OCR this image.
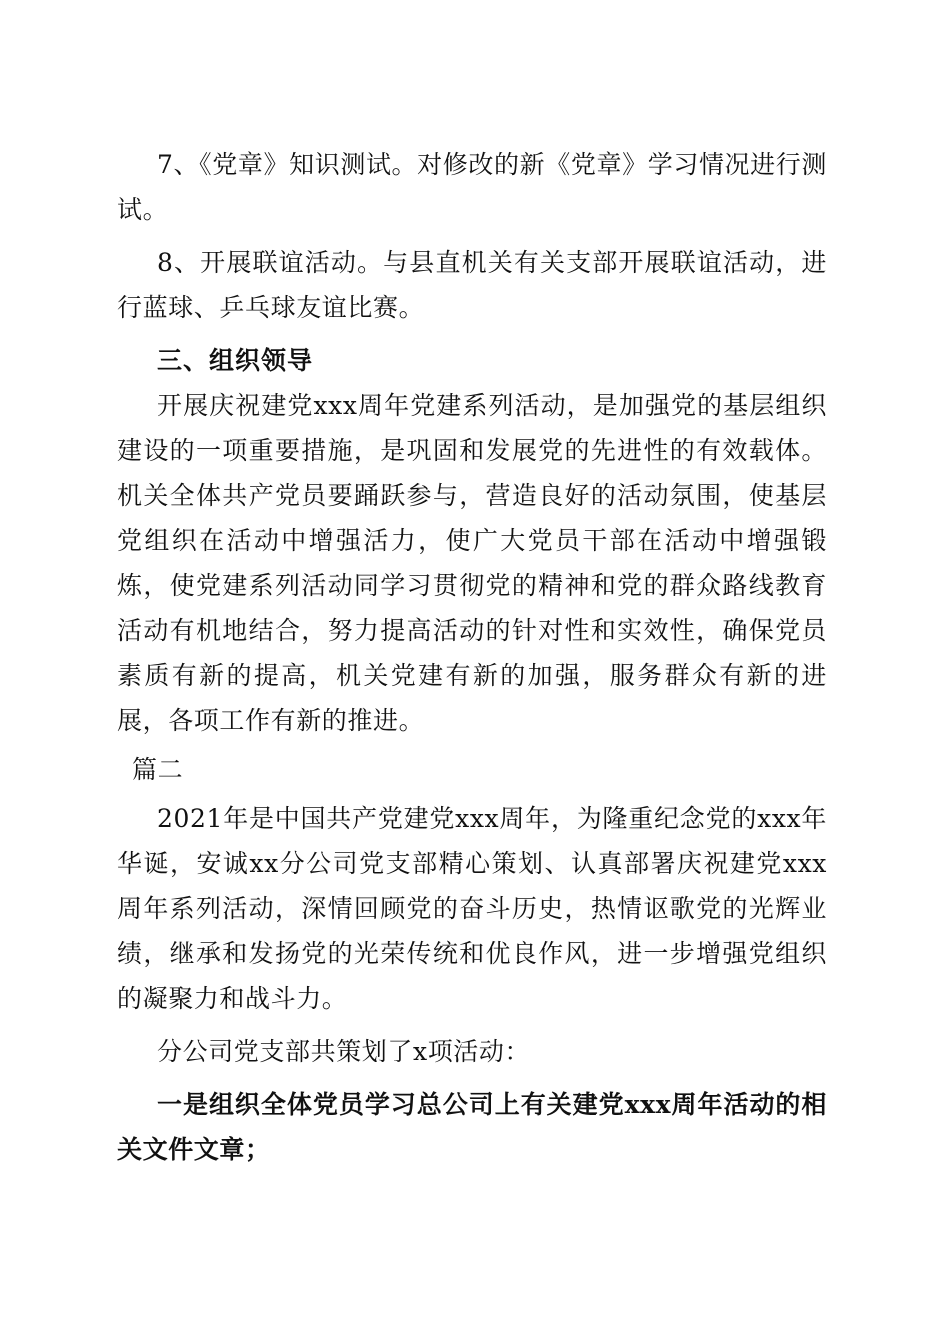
7、《党章》知识测试。对修改的新《党章》学习情况进行测试。

8、开展联谊活动。与县直机关有关支部开展联谊活动，进行蓝球、乒乓球友谊比赛。

三、组织领导

开展庆祝建党xxx周年党建系列活动，是加强党的基层组织建设的一项重要措施，是巩固和发展党的先进性的有效载体。机关全体共产党员要踊跃参与，营造良好的活动氛围，使基层党组织在活动中增强活力，使广大党员干部在活动中增强锻炼，使党建系列活动同学习贯彻党的精神和党的群众路线教育活动有机地结合，努力提高活动的针对性和实效性，确保党员素质有新的提高，机关党建有新的加强，服务群众有新的进展，各项工作有新的推进。

篇二

2021年是中国共产党建党xxx周年，为隆重纪念党的xxx年华诞，安诚xx分公司党支部精心策划、认真部署庆祝建党xxx周年系列活动，深情回顾党的奋斗历史，热情讴歌党的光辉业绩，继承和发扬党的光荣传统和优良作风，进一步增强党组织的凝聚力和战斗力。

分公司党支部共策划了x项活动：

一是组织全体党员学习总公司上有关建党xxx周年活动的相关文件文章；
